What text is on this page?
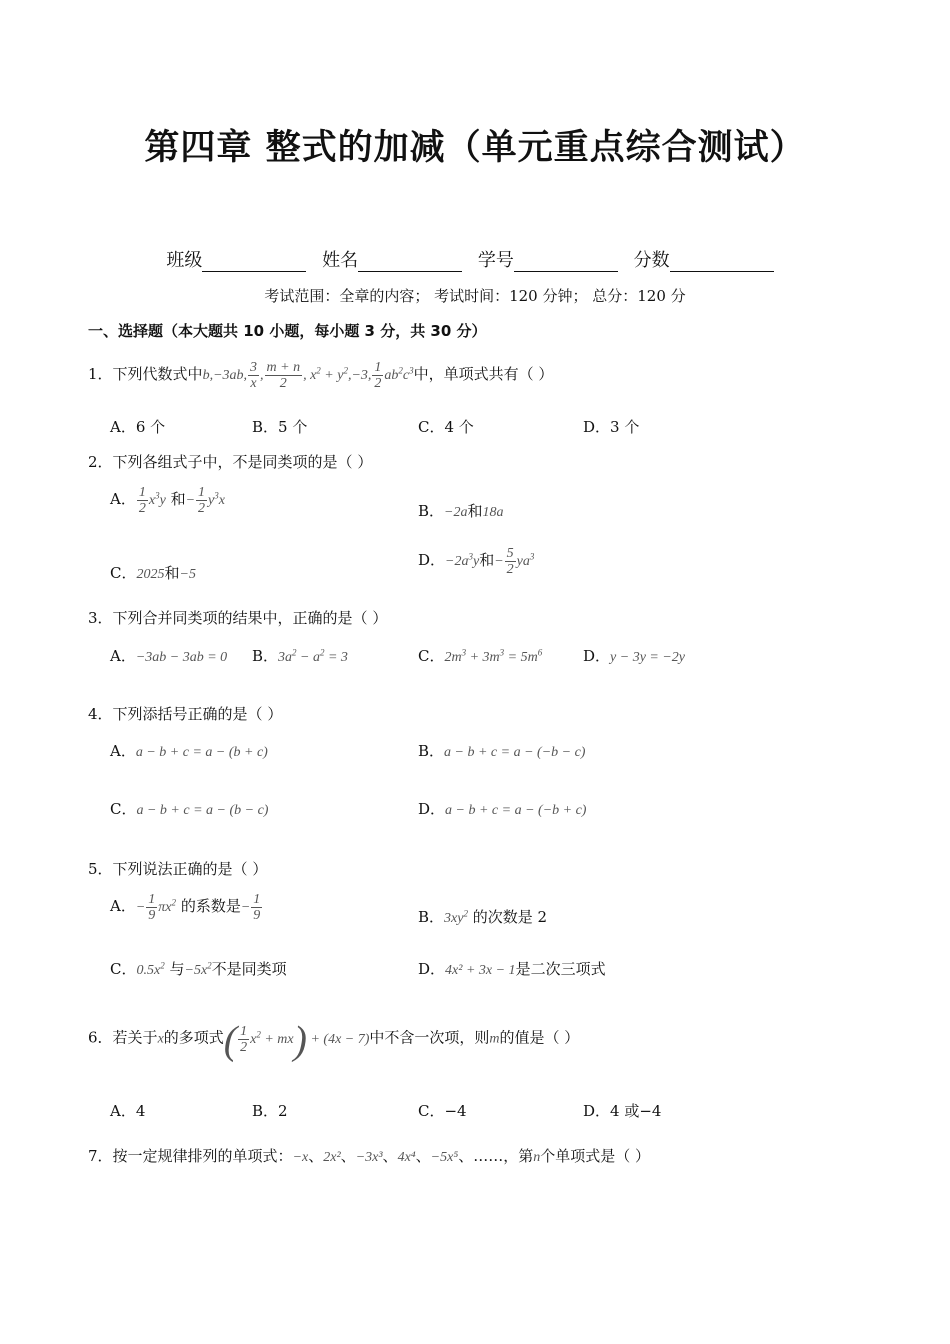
第四章 整式的加减（单元重点综合测试）
班级	姓名	学号	分数
考试范围：全章的内容； 考试时间：120 分钟； 总分：120 分
一、选择题（本大题共 10 小题，每小题 3 分，共 30 分）
1．下列代数式中b,−3ab, $\frac{3}{x}$ , $\frac{m + n}{2}$ , $x^2 + y^2,-3$, $\frac{1}{2} ab^2c^3$中，单项式共有（ ）
A．6 个	B．5 个	C．4 个	D．3 个
2．下列各组式子中，不是同类项的是（ ）
A． $\frac{1}{2} x^3y$ 和− $\frac{1}{2} y^3x$
B．−2a和18a
C．2025和−5
D．$-2a^3y$和− $\frac{5}{2} ya^3$
3．下列合并同类项的结果中，正确的是（ ）
A．−3ab − 3ab = 0 B．$3a^2 - a^2 = 3$	C．$2m^3 + 3m^3 = 5m^6$	D．y − 3y = −2y
4．下列添括号正确的是（ ）
A．a − b + c = a − (b + c)	B．a − b + c = a − (−b − c)
C．a − b + c = a − (b − c)	D．a − b + c = a − (−b + c)
5．下列说法正确的是（ ）
A．− $\frac{1}{9} \pi x^2$ 的系数是− $\frac{1}{9}$	B．$3xy^2$ 的次数是 2
C．$0.5x^2$ 与$-5x^2$不是同类项	D．4x² + 3x − 1是二次三项式
6．若关于x的多项式( $\frac{1}{2} x^2 + mx) + (4x - 7)$中不含一次项，则m的值是（ ）
A．4	B．2	C．−4	D．4 或−4
7．按一定规律排列的单项式：−x、2x²、−3x³、4x⁴、−5x⁵、……，第n个单项式是（ ）
